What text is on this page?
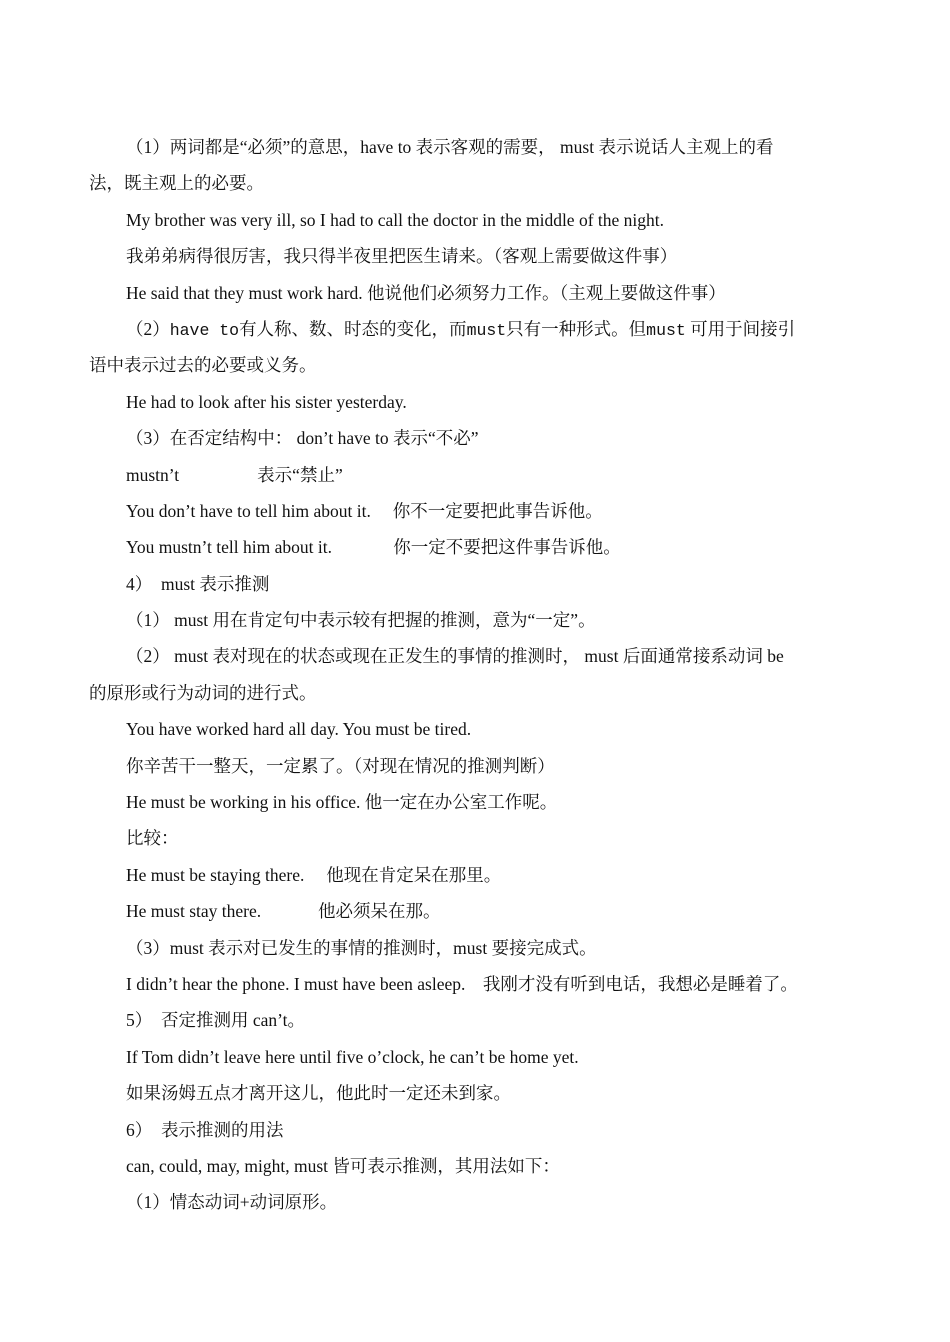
（1）两词都是“必须”的意思，have to 表示客观的需要， must 表示说话人主观上的看
法，既主观上的必要。
My brother was very ill, so I had to call the doctor in the middle of the night.
我弟弟病得很厉害，我只得半夜里把医生请来。（客观上需要做这件事）
He said that they must work hard. 他说他们必须努力工作。（主观上要做这件事）
（2）have to有人称、数、时态的变化，而must只有一种形式。但must 可用于间接引
语中表示过去的必要或义务。
He had to look after his sister yesterday.
（3）在否定结构中： don’t have to 表示“不必”
mustn’t	表示“禁止”
You don’t have to tell him about it.     你不一定要把此事告诉他。
You mustn’t tell him about it.              你一定不要把这件事告诉他。
4）  must 表示推测
（1） must 用在肯定句中表示较有把握的推测，意为“一定”。
（2） must 表对现在的状态或现在正发生的事情的推测时， must 后面通常接系动词 be
的原形或行为动词的进行式。
You have worked hard all day. You must be tired.
你辛苦干一整天，一定累了。（对现在情况的推测判断）
He must be working in his office. 他一定在办公室工作呢。
比较：
He must be staying there.     他现在肯定呆在那里。
He must stay there.             他必须呆在那。
（3）must 表示对已发生的事情的推测时，must 要接完成式。
I didn’t hear the phone. I must have been asleep.    我刚才没有听到电话，我想必是睡着了。
5）  否定推测用 can’t。
If Tom didn’t leave here until five o’clock, he can’t be home yet.
如果汤姆五点才离开这儿，他此时一定还未到家。
6）  表示推测的用法
can, could, may, might, must 皆可表示推测，其用法如下：
（1）情态动词+动词原形。
